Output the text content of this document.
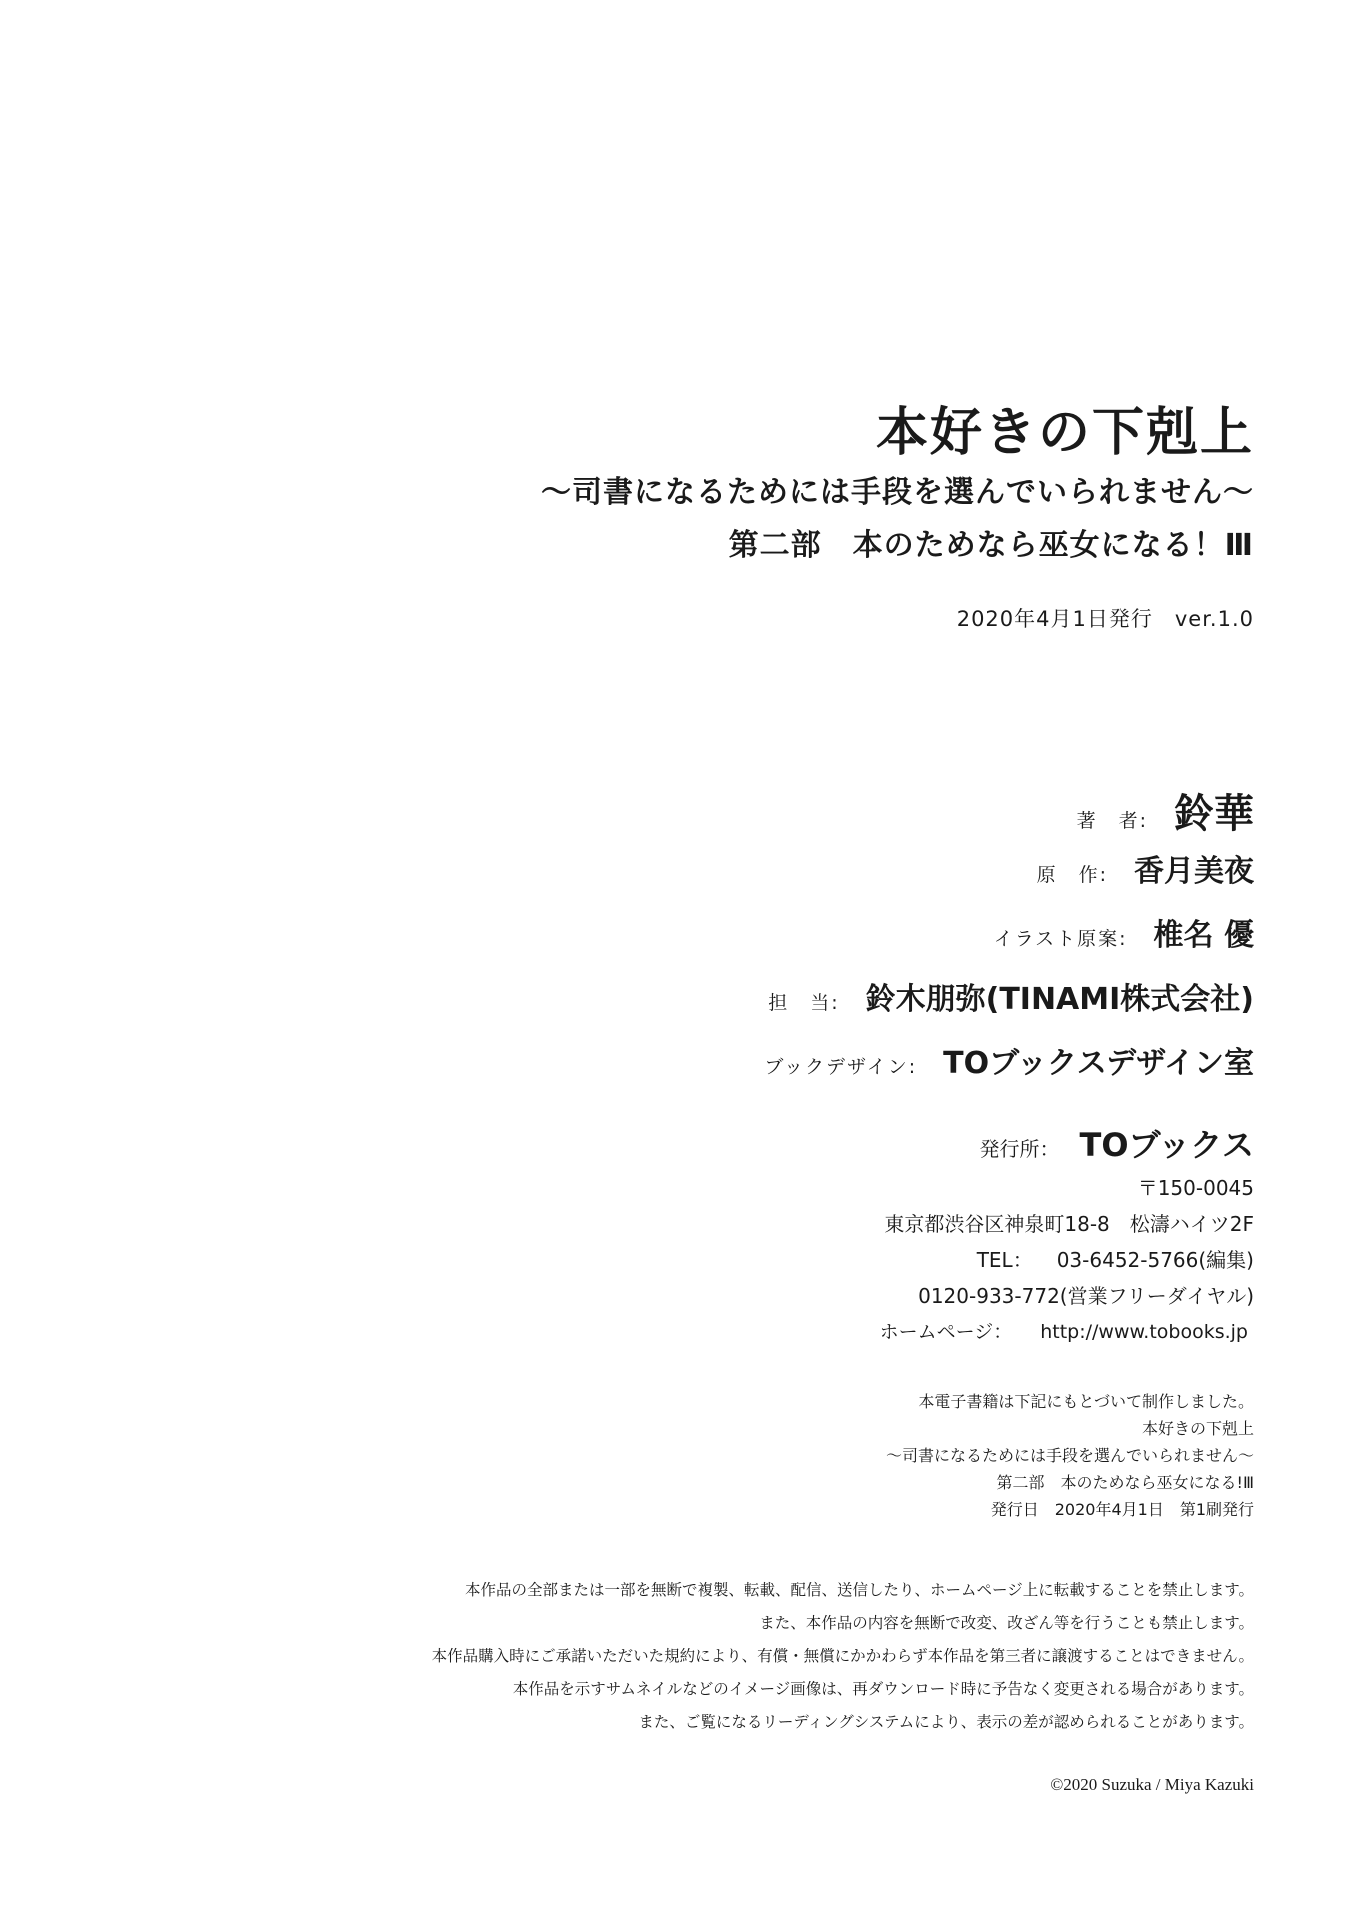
本好きの下剋上
〜司書になるためには手段を選んでいられません〜
第二部　本のためなら巫女になる！Ⅲ
2020年4月1日発行　ver.1.0
著　者: 鈴華
原　作: 香月美夜
イラスト原案: 椎名 優
担　当: 鈴木朋弥(TINAMI株式会社)
ブックデザイン: TOブックスデザイン室
発行所： TOブックス
〒150-0045
東京都渋谷区神泉町18-8　松濤ハイツ2F
TEL： 03-6452-5766(編集)
0120-933-772(営業フリーダイヤル)
ホームページ： http://www.tobooks.jp
本電子書籍は下記にもとづいて制作しました。
本好きの下剋上
〜司書になるためには手段を選んでいられません〜
第二部　本のためなら巫女になる!Ⅲ
発行日　2020年4月1日　第1刷発行
本作品の全部または一部を無断で複製、転載、配信、送信したり、ホームページ上に転載することを禁止します。
また、本作品の内容を無断で改変、改ざん等を行うことも禁止します。
本作品購入時にご承諾いただいた規約により、有償・無償にかかわらず本作品を第三者に譲渡することはできません。
本作品を示すサムネイルなどのイメージ画像は、再ダウンロード時に予告なく変更される場合があります。
また、ご覧になるリーディングシステムにより、表示の差が認められることがあります。
©2020 Suzuka / Miya Kazuki
